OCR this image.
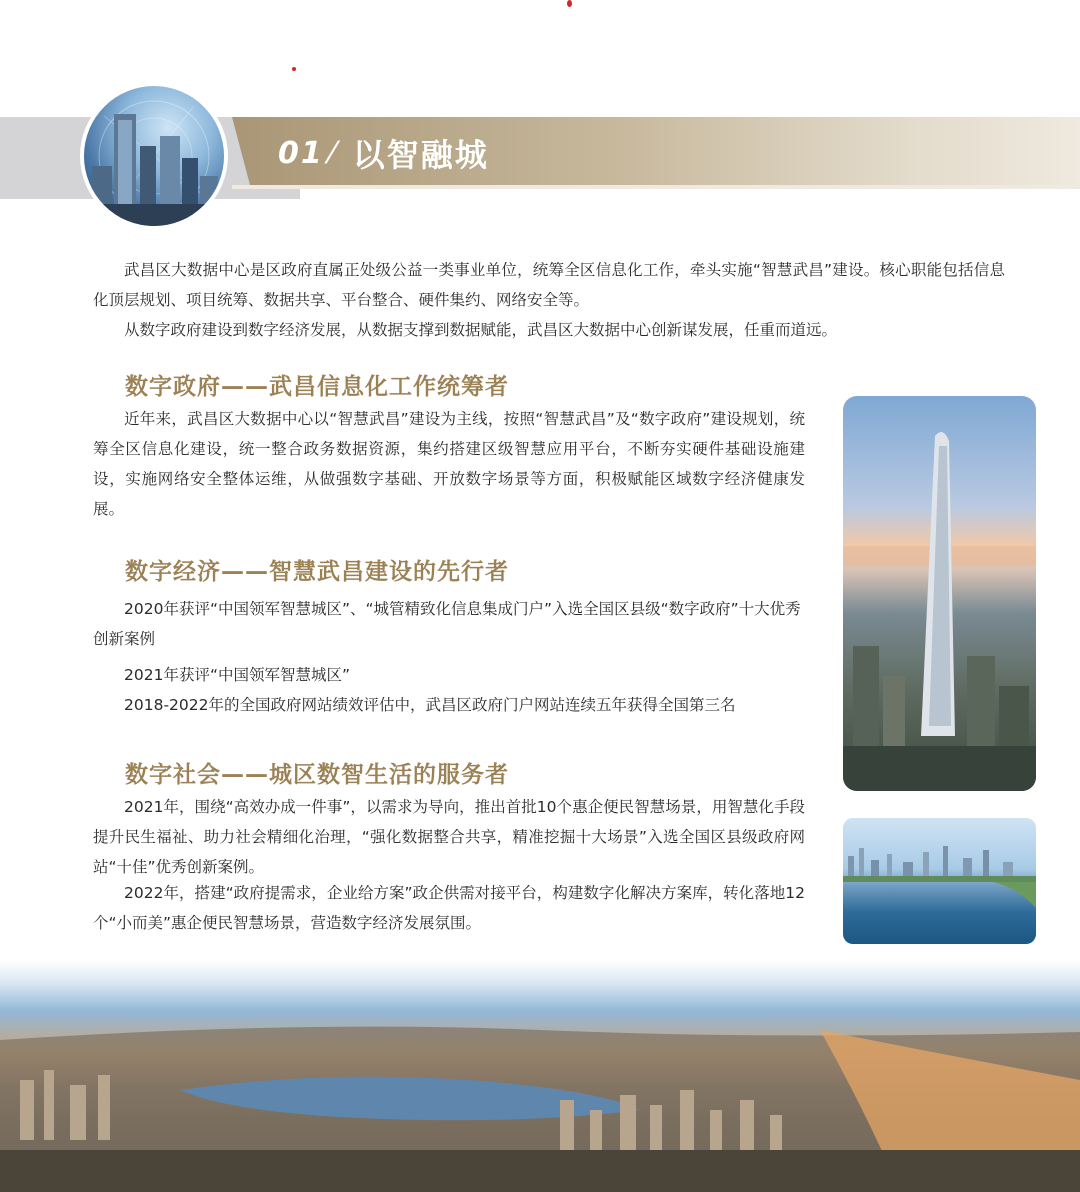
01 ⁄ 以智融城

武昌区大数据中心是区政府直属正处级公益一类事业单位，统筹全区信息化工作，牵头实施“智慧武昌”建设。核心职能包括信息化顶层规划、项目统筹、数据共享、平台整合、硬件集约、网络安全等。

从数字政府建设到数字经济发展，从数据支撑到数据赋能，武昌区大数据中心创新谋发展，任重而道远。

数字政府——武昌信息化工作统筹者

近年来，武昌区大数据中心以“智慧武昌”建设为主线，按照“智慧武昌”及“数字政府”建设规划，统筹全区信息化建设，统一整合政务数据资源，集约搭建区级智慧应用平台，不断夯实硬件基础设施建设，实施网络安全整体运维，从做强数字基础、开放数字场景等方面，积极赋能区域数字经济健康发展。

数字经济——智慧武昌建设的先行者

2020年获评“中国领军智慧城区”、“城管精致化信息集成门户”入选全国区县级“数字政府”十大优秀创新案例

2021年获评“中国领军智慧城区”

2018-2022年的全国政府网站绩效评估中，武昌区政府门户网站连续五年获得全国第三名

数字社会——城区数智生活的服务者

2021年，围绕“高效办成一件事”，以需求为导向，推出首批10个惠企便民智慧场景，用智慧化手段提升民生福祉、助力社会精细化治理，“强化数据整合共享，精准挖掘十大场景”入选全国区县级政府网站“十佳”优秀创新案例。

2022年，搭建“政府提需求，企业给方案”政企供需对接平台，构建数字化解决方案库，转化落地12个“小而美”惠企便民智慧场景，营造数字经济发展氛围。
